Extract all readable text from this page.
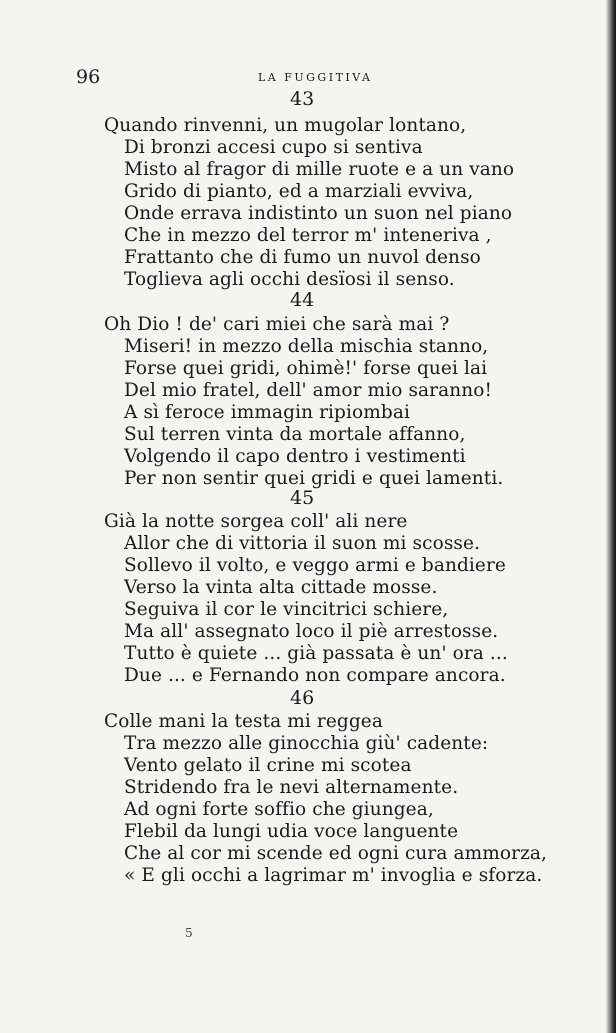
96	LA FUGGITIVA
43
Quando rinvenni, un mugolar lontano,
Di bronzi accesi cupo si sentiva
Misto al fragor di mille ruote e a un vano
Grido di pianto, ed a marziali evviva,
Onde errava indistinto un suon nel piano
Che in mezzo del terror m' inteneriva ,
Frattanto che di fumo un nuvol denso
Toglieva agli occhi desïosi il senso.
44
Oh Dio ! de' cari miei che sarà mai ?
Miseri! in mezzo della mischia stanno,
Forse quei gridi, ohimè!' forse quei lai
Del mio fratel, dell' amor mio saranno!
A sì feroce immagin ripiombai
Sul terren vinta da mortale affanno,
Volgendo il capo dentro i vestimenti
Per non sentir quei gridi e quei lamenti.
45
Già la notte sorgea coll' ali nere
Allor che di vittoria il suon mi scosse.
Sollevo il volto, e veggo armi e bandiere
Verso la vinta alta cittade mosse.
Seguiva il cor le vincitrici schiere,
Ma all' assegnato loco il piè arrestosse.
Tutto è quiete ... già passata è un' ora ...
Due ... e Fernando non compare ancora.
46
Colle mani la testa mi reggea
Tra mezzo alle ginocchia giù' cadente:
Vento gelato il crine mi scotea
Stridendo fra le nevi alternamente.
Ad ogni forte soffio che giungea,
Flebil da lungi udia voce languente
Che al cor mi scende ed ogni cura ammorza,
« E gli occhi a lagrimar m' invoglia e sforza.
5
